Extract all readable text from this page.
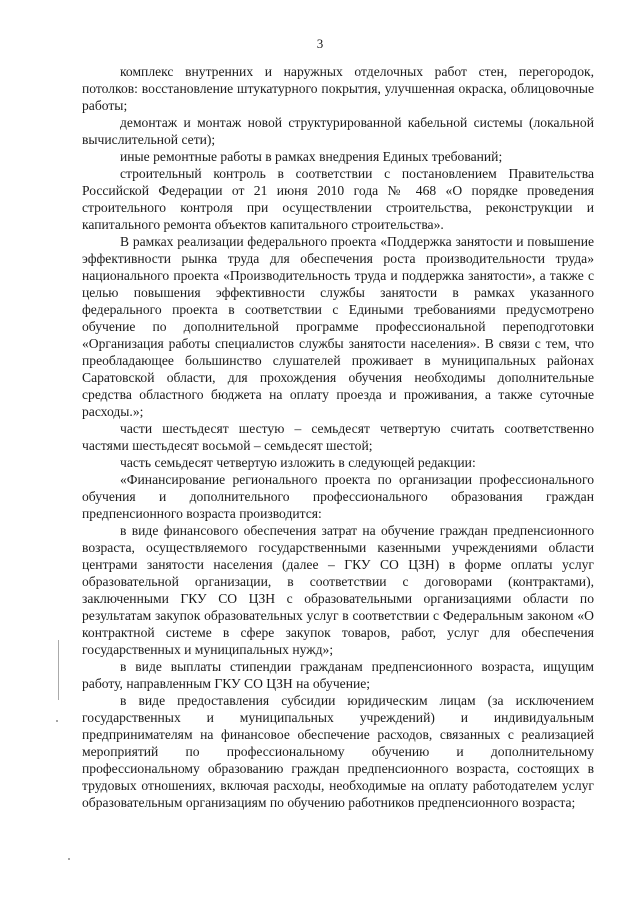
3

комплекс внутренних и наружных отделочных работ стен, перегородок, потолков: восстановление штукатурного покрытия, улучшенная окраска, облицовочные работы;

демонтаж и монтаж новой структурированной кабельной системы (локальной вычислительной сети);

иные ремонтные работы в рамках внедрения Единых требований;

строительный контроль в соответствии с постановлением Правительства Российской Федерации от 21 июня 2010 года № 468 «О порядке проведения строительного контроля при осуществлении строительства, реконструкции и капитального ремонта объектов капитального строительства».

В рамках реализации федерального проекта «Поддержка занятости и повышение эффективности рынка труда для обеспечения роста производительности труда» национального проекта «Производительность труда и поддержка занятости», а также с целью повышения эффективности службы занятости в рамках указанного федерального проекта в соответствии с Едиными требованиями предусмотрено обучение по дополнительной программе профессиональной переподготовки «Организация работы специалистов службы занятости населения». В связи с тем, что преобладающее большинство слушателей проживает в муниципальных районах Саратовской области, для прохождения обучения необходимы дополнительные средства областного бюджета на оплату проезда и проживания, а также суточные расходы.»;

части шестьдесят шестую – семьдесят четвертую считать соответственно частями шестьдесят восьмой – семьдесят шестой;

часть семьдесят четвертую изложить в следующей редакции:

«Финансирование регионального проекта по организации профессионального обучения и дополнительного профессионального образования граждан предпенсионного возраста производится:

в виде финансового обеспечения затрат на обучение граждан предпенсионного возраста, осуществляемого государственными казенными учреждениями области центрами занятости населения (далее – ГКУ СО ЦЗН) в форме оплаты услуг образовательной организации, в соответствии с договорами (контрактами), заключенными ГКУ СО ЦЗН с образовательными организациями области по результатам закупок образовательных услуг в соответствии с Федеральным законом «О контрактной системе в сфере закупок товаров, работ, услуг для обеспечения государственных и муниципальных нужд»;

в виде выплаты стипендии гражданам предпенсионного возраста, ищущим работу, направленным ГКУ СО ЦЗН на обучение;

в виде предоставления субсидии юридическим лицам (за исключением государственных и муниципальных учреждений) и индивидуальным предпринимателям на финансовое обеспечение расходов, связанных с реализацией мероприятий по профессиональному обучению и дополнительному профессиональному образованию граждан предпенсионного возраста, состоящих в трудовых отношениях, включая расходы, необходимые на оплату работодателем услуг образовательным организациям по обучению работников предпенсионного возраста;
